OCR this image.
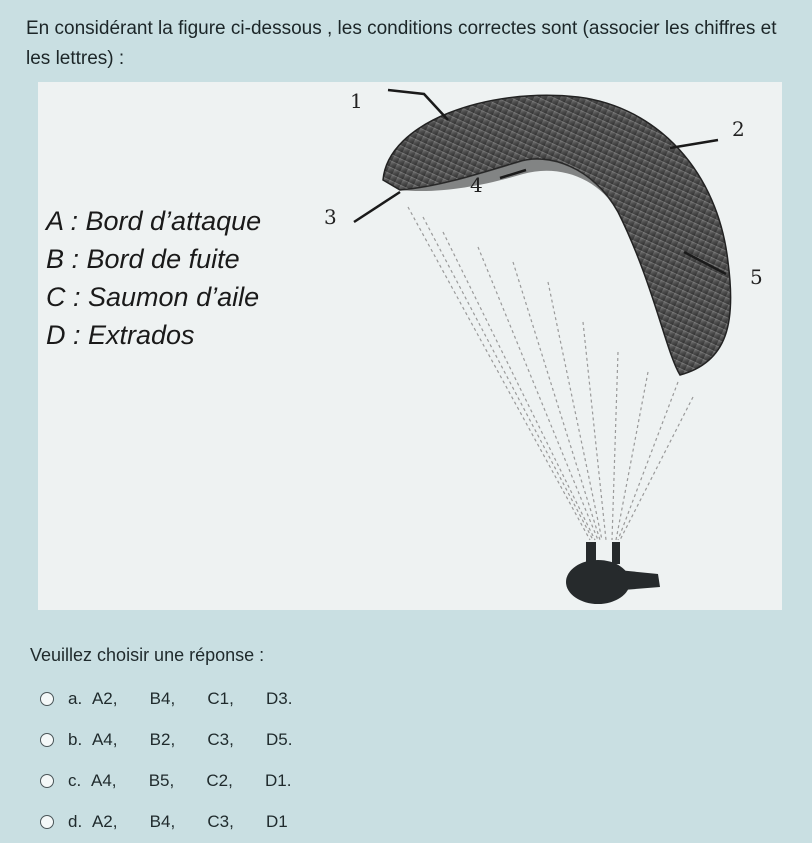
En considérant la figure ci-dessous , les conditions correctes sont (associer les chiffres et les lettres) :
A : Bord d’attaque
B : Bord de fuite
C : Saumon d’aile
D : Extrados
1
2
3
4
5
Veuillez choisir une réponse :
a. A2,   B4,   C1,   D3.
b. A4,   B2,   C3,   D5.
c. A4,   B5,   C2,   D1.
d. A2,   B4,   C3,   D1
